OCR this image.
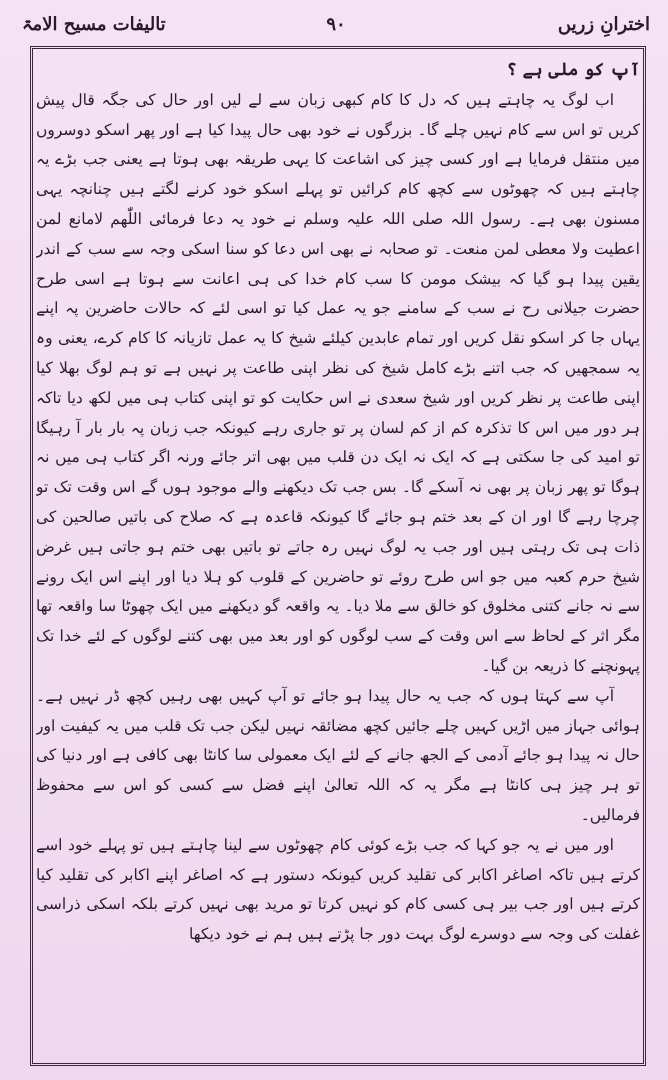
اخترانِ زریں
۹۰
تالیفات مسیح الامۃ

آپ کو ملی ہے ؟

اب لوگ یہ چاہتے ہیں کہ دل کا کام کبھی زبان سے لے لیں اور حال کی جگہ قال پیش کریں تو اس سے کام نہیں چلے گا۔ بزرگوں نے خود بھی حال پیدا کیا ہے اور پھر اسکو دوسروں میں منتقل فرمایا ہے اور کسی چیز کی اشاعت کا یہی طریقہ بھی ہوتا ہے یعنی جب بڑے یہ چاہتے ہیں کہ چھوٹوں سے کچھ کام کرائیں تو پہلے اسکو خود کرنے لگتے ہیں چنانچہ یہی مسنون بھی ہے۔ رسول اللہ صلی اللہ علیہ وسلم نے خود یہ دعا فرمائی اللّٰھم لامانع لمن اعطیت ولا معطی لمن منعت۔ تو صحابہ نے بھی اس دعا کو سنا اسکی وجہ سے سب کے اندر یقین پیدا ہو گیا کہ بیشک مومن کا سب کام خدا کی ہی اعانت سے ہوتا ہے اسی طرح حضرت جیلانی رح نے سب کے سامنے جو یہ عمل کیا تو اسی لئے کہ حالات حاضرین پہ اپنے یہاں جا کر اسکو نقل کریں اور تمام عابدین کیلئے شیخ کا یہ عمل تازیانہ کا کام کرے، یعنی وہ یہ سمجھیں کہ جب اتنے بڑے کامل شیخ کی نظر اپنی طاعت پر نہیں ہے تو ہم لوگ بھلا کیا اپنی طاعت پر نظر کریں اور شیخ سعدی نے اس حکایت کو تو اپنی کتاب ہی میں لکھ دیا تاکہ ہر دور میں اس کا تذکرہ کم از کم لسان پر تو جاری رہے کیونکہ جب زبان پہ بار بار آ رہیگا تو امید کی جا سکتی ہے کہ ایک نہ ایک دن قلب میں بھی اتر جائے ورنہ اگر کتاب ہی میں نہ ہوگا تو پھر زبان پر بھی نہ آسکے گا۔ بس جب تک دیکھنے والے موجود ہوں گے اس وقت تک تو چرچا رہے گا اور ان کے بعد ختم ہو جائے گا کیونکہ قاعدہ ہے کہ صلاح کی باتیں صالحین کی ذات ہی تک رہتی ہیں اور جب یہ لوگ نہیں رہ جاتے تو باتیں بھی ختم ہو جاتی ہیں غرض شیخ حرم کعبہ میں جو اس طرح روئے تو حاضرین کے قلوب کو ہلا دیا اور اپنے اس ایک رونے سے نہ جانے کتنی مخلوق کو خالق سے ملا دیا۔ یہ واقعہ گو دیکھنے میں ایک چھوٹا سا واقعہ تھا مگر اثر کے لحاظ سے اس وقت کے سب لوگوں کو اور بعد میں بھی کتنے لوگوں کے لئے خدا تک پہونچنے کا ذریعہ بن گیا۔

آپ سے کہتا ہوں کہ جب یہ حال پیدا ہو جائے تو آپ کہیں بھی رہیں کچھ ڈر نہیں ہے۔ ہوائی جہاز میں اڑیں کہیں چلے جائیں کچھ مضائقہ نہیں لیکن جب تک قلب میں یہ کیفیت اور حال نہ پیدا ہو جائے آدمی کے الجھ جانے کے لئے ایک معمولی سا کانٹا بھی کافی ہے اور دنیا کی تو ہر چیز ہی کانٹا ہے مگر یہ کہ اللہ تعالیٰ اپنے فضل سے کسی کو اس سے محفوظ فرمالیں۔

اور میں نے یہ جو کہا کہ جب بڑے کوئی کام چھوٹوں سے لینا چاہتے ہیں تو پہلے خود اسے کرتے ہیں تاکہ اصاغر اکابر کی تقلید کریں کیونکہ دستور ہے کہ اصاغر اپنے اکابر کی تقلید کیا کرتے ہیں اور جب بیر ہی کسی کام کو نہیں کرتا تو مرید بھی نہیں کرتے بلکہ اسکی ذراسی غفلت کی وجہ سے دوسرے لوگ بہت دور جا پڑتے ہیں ہم نے خود دیکھا
